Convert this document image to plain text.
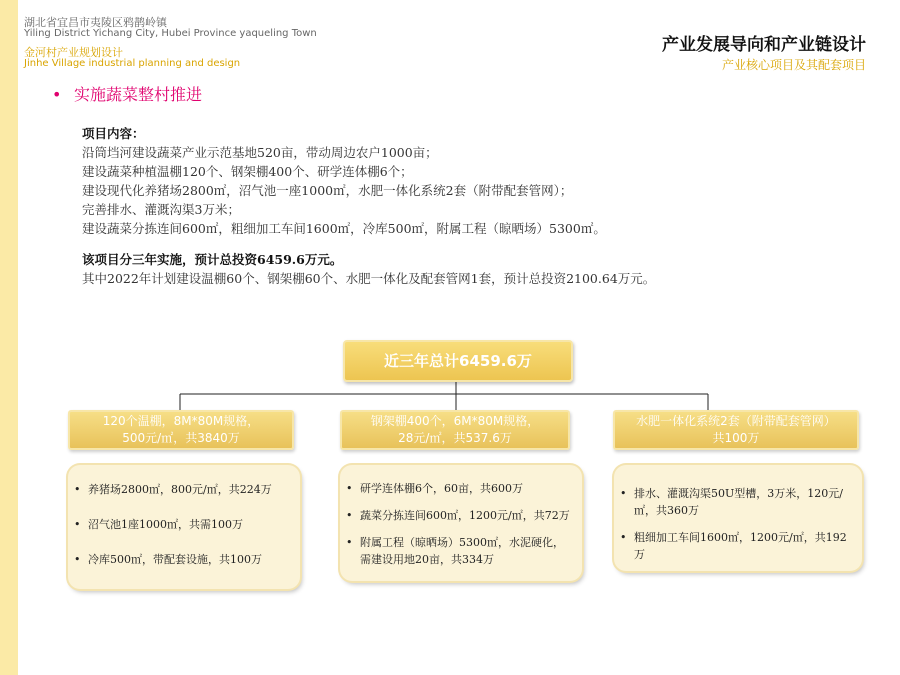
湖北省宜昌市夷陵区鸦鹊岭镇
Yiling District Yichang City, Hubei Province yaqueling Town
金河村产业规划设计
Jinhe Village industrial planning and design
产业发展导向和产业链设计
产业核心项目及其配套项目
• 实施蔬菜整村推进

项目内容：

沿筒垱河建设蔬菜产业示范基地520亩，带动周边农户1000亩；

建设蔬菜种植温棚120个、钢架棚400个、研学连体棚6个；

建设现代化养猪场2800㎡，沼气池一座1000㎡，水肥一体化系统2套（附带配套管网）；

完善排水、灌溉沟渠3万米；

建设蔬菜分拣连间600㎡，粗细加工车间1600㎡，冷库500㎡，附属工程（晾晒场）5300㎡。

该项目分三年实施，预计总投资6459.6万元。

其中2022年计划建设温棚60个、钢架棚60个、水肥一体化及配套管网1套，预计总投资2100.64万元。

近三年总计6459.6万
120个温棚，8M*80M规格，
500元/㎡，共3840万
钢架棚400个，6M*80M规格，
28元/㎡，共537.6万
水肥一体化系统2套（附带配套管网）
共100万
• 养猪场2800㎡，800元/㎡，共224万
• 沼气池1座1000㎡，共需100万
• 冷库500㎡，带配套设施，共100万
• 研学连体棚6个，60亩，共600万
• 蔬菜分拣连间600㎡，1200元/㎡，共72万
• 附属工程（晾晒场）5300㎡，水泥硬化，需建设用地20亩，共334万
• 排水、灌溉沟渠50U型槽，3万米，120元/㎡，共360万
• 粗细加工车间1600㎡，1200元/㎡，共192万
